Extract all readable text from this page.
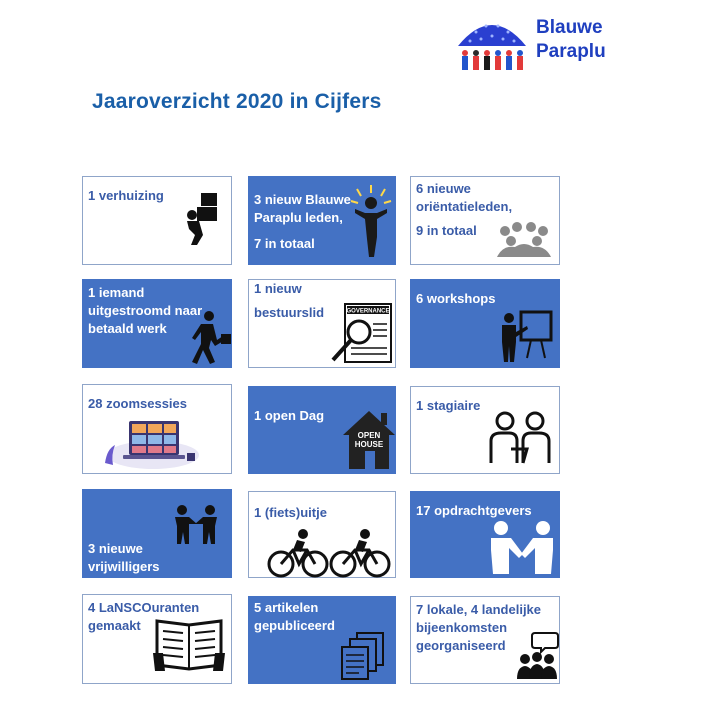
Blauwe
Paraplu
Jaaroverzicht 2020 in Cijfers
1 verhuizing	3 nieuw Blauwe
Paraplu leden,
7 in totaal
6 nieuwe
oriëntatieleden,
9 in totaal
1 iemand
uitgestroomd naar
betaald werk
1 nieuw
bestuurslid	GOVERNANCE
6 workshops
28 zoomsessies
1 open Dag
OPEN
HOUSE
1 stagiaire
3 nieuwe
vrijwilligers
1 (fiets)uitje	17 opdrachtgevers
4 LaNSCOuranten
gemaakt
5 artikelen
gepubliceerd
7 lokale, 4 landelijke
bijeenkomsten
georganiseerd
